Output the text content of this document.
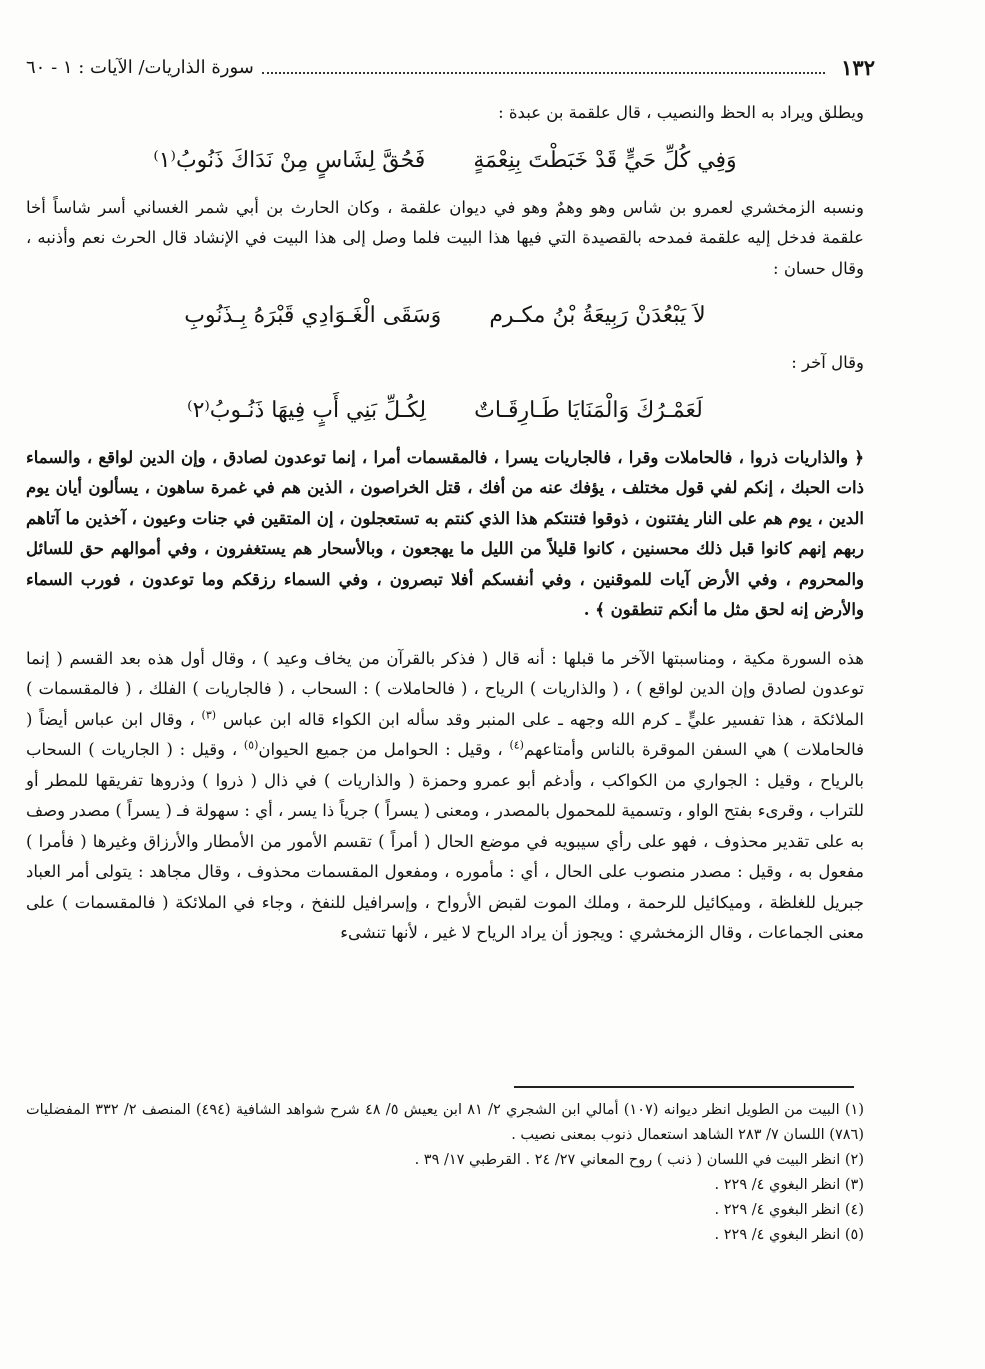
١٣٢
سورة الذاريات/ الآيات : ١ - ٦٠

ويطلق ويراد به الحظ والنصيب ، قال علقمة بن عبدة :

وَفِي كُلِّ حَيٍّ قَدْ خَبَطْتَ بِنِعْمَةٍ
فَحُقَّ لِشَاسٍ مِنْ نَدَاكَ ذَنُوبُ⁽١⁾

ونسبه الزمخشري لعمرو بن شاس وهو وهمٌ وهو في ديوان علقمة ، وكان الحارث بن أبي شمر الغساني أسر شاساً أخا علقمة فدخل إليه علقمة فمدحه بالقصيدة التي فيها هذا البيت فلما وصل إلى هذا البيت في الإنشاد قال الحرث نعم وأذنبه ، وقال حسان :

لاَ يَبْعُدَنْ رَبِيعَةُ بْنُ مكـرم
وَسَقَى الْغَـوَادِي قَبْرَهُ بِـذَنُوبِ

وقال آخر :

لَعَمْـرُكَ وَالْمَنَايَا طَـارِقَـاتٌ
لِكُـلِّ بَنِي أَبٍ فِيهَا ذَنُـوبُ⁽٢⁾

﴿ والذاريات ذروا ، فالحاملات وقرا ، فالجاريات يسرا ، فالمقسمات أمرا ، إنما توعدون لصادق ، وإن الدين لواقع ، والسماء ذات الحبك ، إنكم لفي قول مختلف ، يؤفك عنه من أفك ، قتل الخراصون ، الذين هم في غمرة ساهون ، يسألون أيان يوم الدين ، يوم هم على النار يفتنون ، ذوقوا فتنتكم هذا الذي كنتم به تستعجلون ، إن المتقين في جنات وعيون ، آخذين ما آتاهم ربهم إنهم كانوا قبل ذلك محسنين ، كانوا قليلاً من الليل ما يهجعون ، وبالأسحار هم يستغفرون ، وفي أموالهم حق للسائل والمحروم ، وفي الأرض آيات للموقنين ، وفي أنفسكم أفلا تبصرون ، وفي السماء رزقكم وما توعدون ، فورب السماء والأرض إنه لحق مثل ما أنكم تنطقون ﴾ .

هذه السورة مكية ، ومناسبتها الآخر ما قبلها : أنه قال ( فذكر بالقرآن من يخاف وعيد ) ، وقال أول هذه بعد القسم ( إنما توعدون لصادق وإن الدين لواقع ) ، ( والذاريات ) الرياح ، ( فالحاملات ) : السحاب ، ( فالجاريات ) الفلك ، ( فالمقسمات ) الملائكة ، هذا تفسير عليٍّ ـ كرم الله وجهه ـ على المنبر وقد سأله ابن الكواء قاله ابن عباس $^{(٣)}$ ، وقال ابن عباس أيضاً ( فالحاملات ) هي السفن الموقرة بالناس وأمتاعهم$^{(٤)}$ ، وقيل : الحوامل من جميع الحيوان$^{(٥)}$ ، وقيل : ( الجاريات ) السحاب بالرياح ، وقيل : الجواري من الكواكب ، وأدغم أبو عمرو وحمزة ( والذاريات ) في ذال ( ذروا ) وذروها تفريقها للمطر أو للتراب ، وقرىء بفتح الواو ، وتسمية للمحمول بالمصدر ، ومعنى ( يسراً ) جرياً ذا يسر ، أي : سهولة فـ ( يسراً ) مصدر وصف به على تقدير محذوف ، فهو على رأي سيبويه في موضع الحال ( أمراً ) تقسم الأمور من الأمطار والأرزاق وغيرها ( فأمرا ) مفعول به ، وقيل : مصدر منصوب على الحال ، أي : مأموره ، ومفعول المقسمات محذوف ، وقال مجاهد : يتولى أمر العباد جبريل للغلظة ، وميكائيل للرحمة ، وملك الموت لقبض الأرواح ، وإسرافيل للنفخ ، وجاء في الملائكة ( فالمقسمات ) على معنى الجماعات ، وقال الزمخشري : ويجوز أن يراد الرياح لا غير ، لأنها تنشىء

(١) البيت من الطويل انظر ديوانه (١٠٧) أمالي ابن الشجري ٢/ ٨١ ابن يعيش ٥/ ٤٨ شرح شواهد الشافية (٤٩٤) المنصف ٢/ ٣٣٢ المفضليات (٧٨٦) اللسان ٧/ ٢٨٣ الشاهد استعمال ذنوب بمعنى نصيب .
(٢) انظر البيت في اللسان ( ذنب ) روح المعاني ٢٧/ ٢٤ . القرطبي ١٧/ ٣٩ .
(٣) انظر البغوي ٤/ ٢٢٩ .
(٤) انظر البغوي ٤/ ٢٢٩ .
(٥) انظر البغوي ٤/ ٢٢٩ .
